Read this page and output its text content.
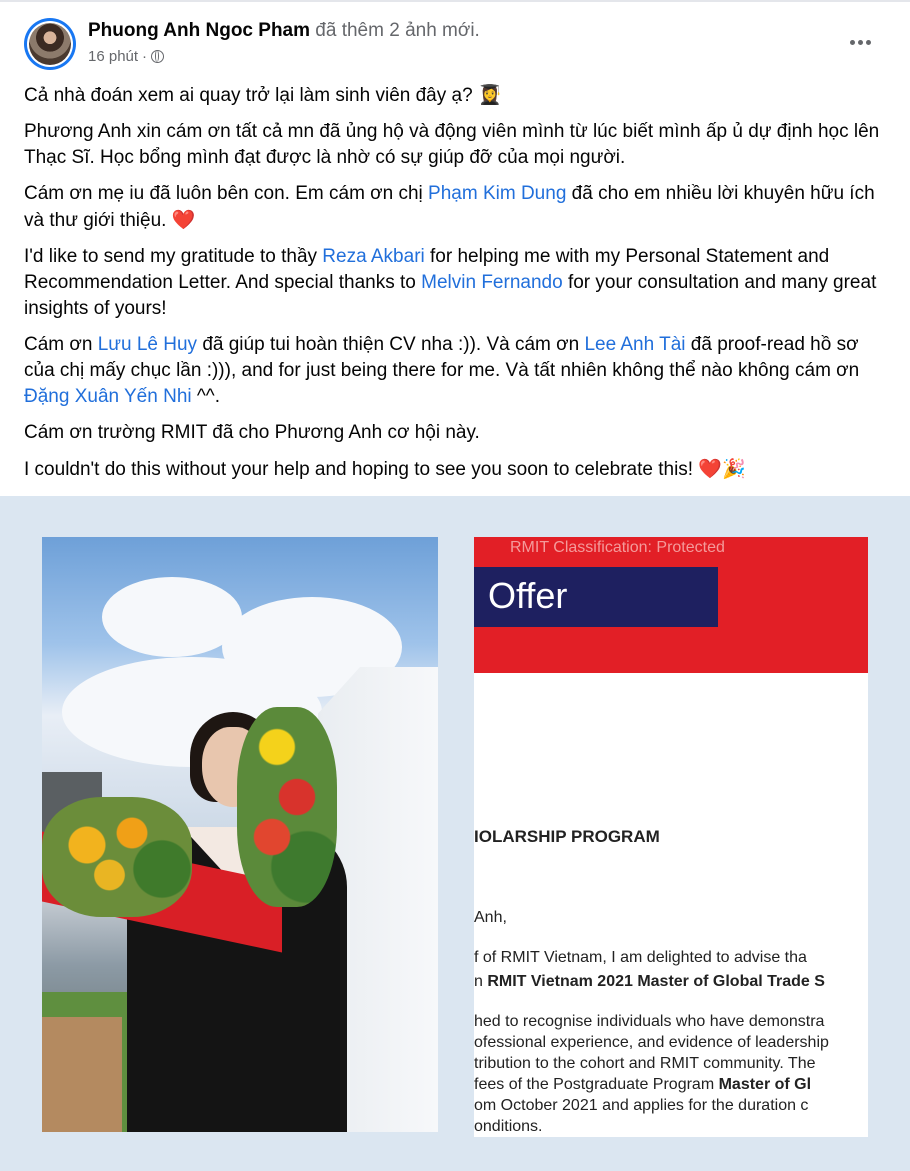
Phuong Anh Ngoc Pham đã thêm 2 ảnh mới.
16 phút ·

Cả nhà đoán xem ai quay trở lại làm sinh viên đây ạ? 👩‍🎓

Phương Anh xin cám ơn tất cả mn đã ủng hộ và động viên mình từ lúc biết mình ấp ủ dự định học lên Thạc Sĩ. Học bổng mình đạt được là nhờ có sự giúp đỡ của mọi người.

Cám ơn mẹ iu đã luôn bên con. Em cám ơn chị Phạm Kim Dung đã cho em nhiều lời khuyên hữu ích và thư giới thiệu. ❤️

I'd like to send my gratitude to thầy Reza Akbari for helping me with my Personal Statement and Recommendation Letter. And special thanks to Melvin Fernando for your consultation and many great insights of yours!

Cám ơn Lưu Lê Huy đã giúp tui hoàn thiện CV nha :)). Và cám ơn Lee Anh Tài đã proof-read hồ sơ của chị mấy chục lần :))), and for just being there for me. Và tất nhiên không thể nào không cám ơn Đặng Xuân Yến Nhi ^^.

Cám ơn trường RMIT đã cho Phương Anh cơ hội này.

I couldn't do this without your help and hoping to see you soon to celebrate this! ❤️🎉

RMIT Classification: Protected
Offer
IOLARSHIP PROGRAM
Anh,
f of RMIT Vietnam, I am delighted to advise tha
n RMIT Vietnam 2021 Master of Global Trade S
hed to recognise individuals who have demonstra
ofessional experience, and evidence of leadership
tribution to the cohort and RMIT community. The
fees of the Postgraduate Program Master of Gl
om October 2021 and applies for the duration c
onditions.
